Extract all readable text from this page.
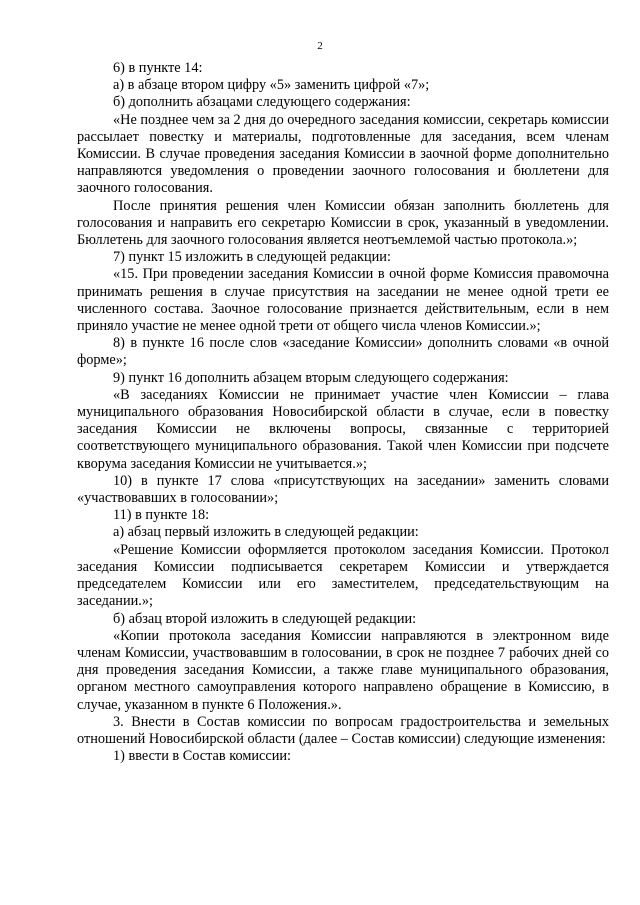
2

6) в пункте 14:

а) в абзаце втором цифру «5» заменить цифрой «7»;

б) дополнить абзацами следующего содержания:

«Не позднее чем за 2 дня до очередного заседания комиссии, секретарь комиссии рассылает повестку и материалы, подготовленные для заседания, всем членам Комиссии. В случае проведения заседания Комиссии в заочной форме дополнительно направляются уведомления о проведении заочного голосования и бюллетени для заочного голосования.

После принятия решения член Комиссии обязан заполнить бюллетень для голосования и направить его секретарю Комиссии в срок, указанный в уведомлении. Бюллетень для заочного голосования является неотъемлемой частью протокола.»;

7) пункт 15 изложить в следующей редакции:

«15. При проведении заседания Комиссии в очной форме Комиссия правомочна принимать решения в случае присутствия на заседании не менее одной трети ее численного состава. Заочное голосование признается действительным, если в нем приняло участие не менее одной трети от общего числа членов Комиссии.»;

8) в пункте 16 после слов «заседание Комиссии» дополнить словами «в очной форме»;

9) пункт 16 дополнить абзацем вторым следующего содержания:

«В заседаниях Комиссии не принимает участие член Комиссии – глава муниципального образования Новосибирской области в случае, если в повестку заседания Комиссии не включены вопросы, связанные с территорией соответствующего муниципального образования. Такой член Комиссии при подсчете кворума заседания Комиссии не учитывается.»;

10) в пункте 17 слова «присутствующих на заседании» заменить словами «участвовавших в голосовании»;

11) в пункте 18:

а) абзац первый изложить в следующей редакции:

«Решение Комиссии оформляется протоколом заседания Комиссии. Протокол заседания Комиссии подписывается секретарем Комиссии и утверждается председателем Комиссии или его заместителем, председательствующим на заседании.»;

б) абзац второй изложить в следующей редакции:

«Копии протокола заседания Комиссии направляются в электронном виде членам Комиссии, участвовавшим в голосовании, в срок не позднее 7 рабочих дней со дня проведения заседания Комиссии, а также главе муниципального образования, органом местного самоуправления которого направлено обращение в Комиссию, в случае, указанном в пункте 6 Положения.».

3. Внести в Состав комиссии по вопросам градостроительства и земельных отношений Новосибирской области (далее – Состав комиссии) следующие изменения:

1) ввести в Состав комиссии:
